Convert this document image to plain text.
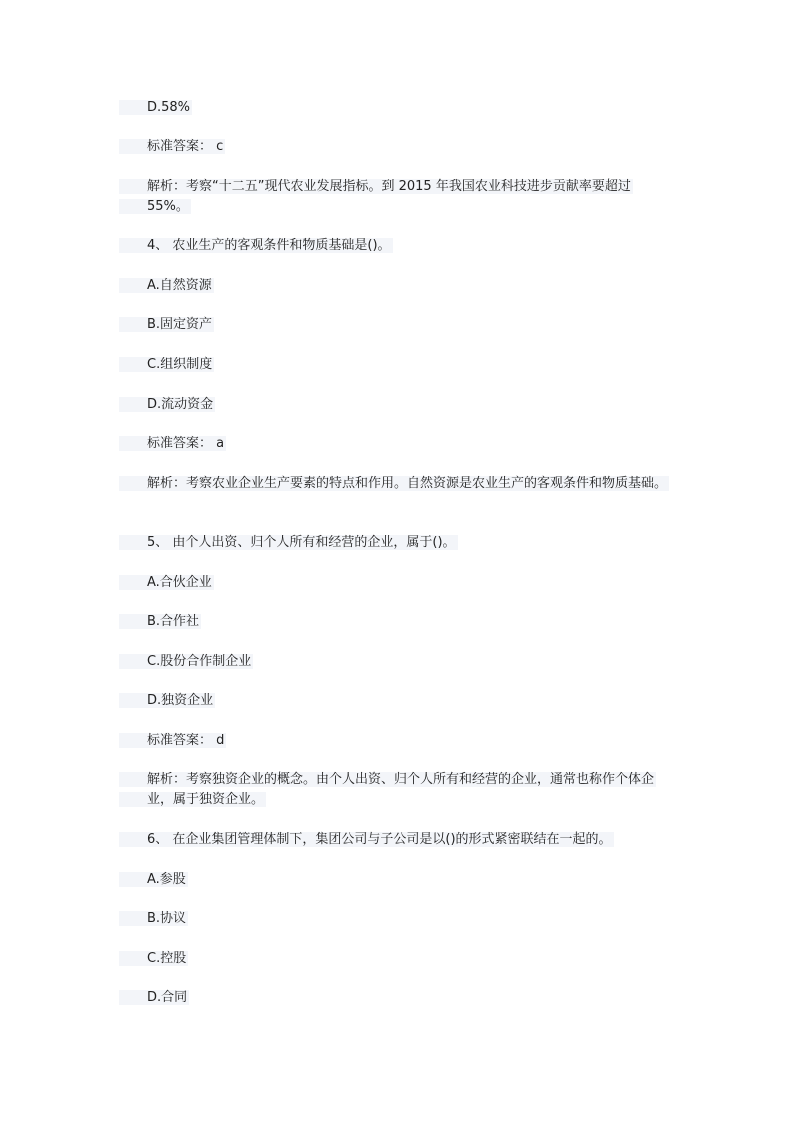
D.58%
标准答案： c
解析：考察“十二五”现代农业发展指标。到 2015 年我国农业科技进步贡献率要超过 55%。
4、 农业生产的客观条件和物质基础是()。
A.自然资源
B.固定资产
C.组织制度
D.流动资金
标准答案： a
解析：考察农业企业生产要素的特点和作用。自然资源是农业生产的客观条件和物质基础。
5、 由个人出资、归个人所有和经营的企业，属于()。
A.合伙企业
B.合作社
C.股份合作制企业
D.独资企业
标准答案： d
解析：考察独资企业的概念。由个人出资、归个人所有和经营的企业，通常也称作个体企业，属于独资企业。
6、 在企业集团管理体制下，集团公司与子公司是以()的形式紧密联结在一起的。
A.参股
B.协议
C.控股
D.合同
